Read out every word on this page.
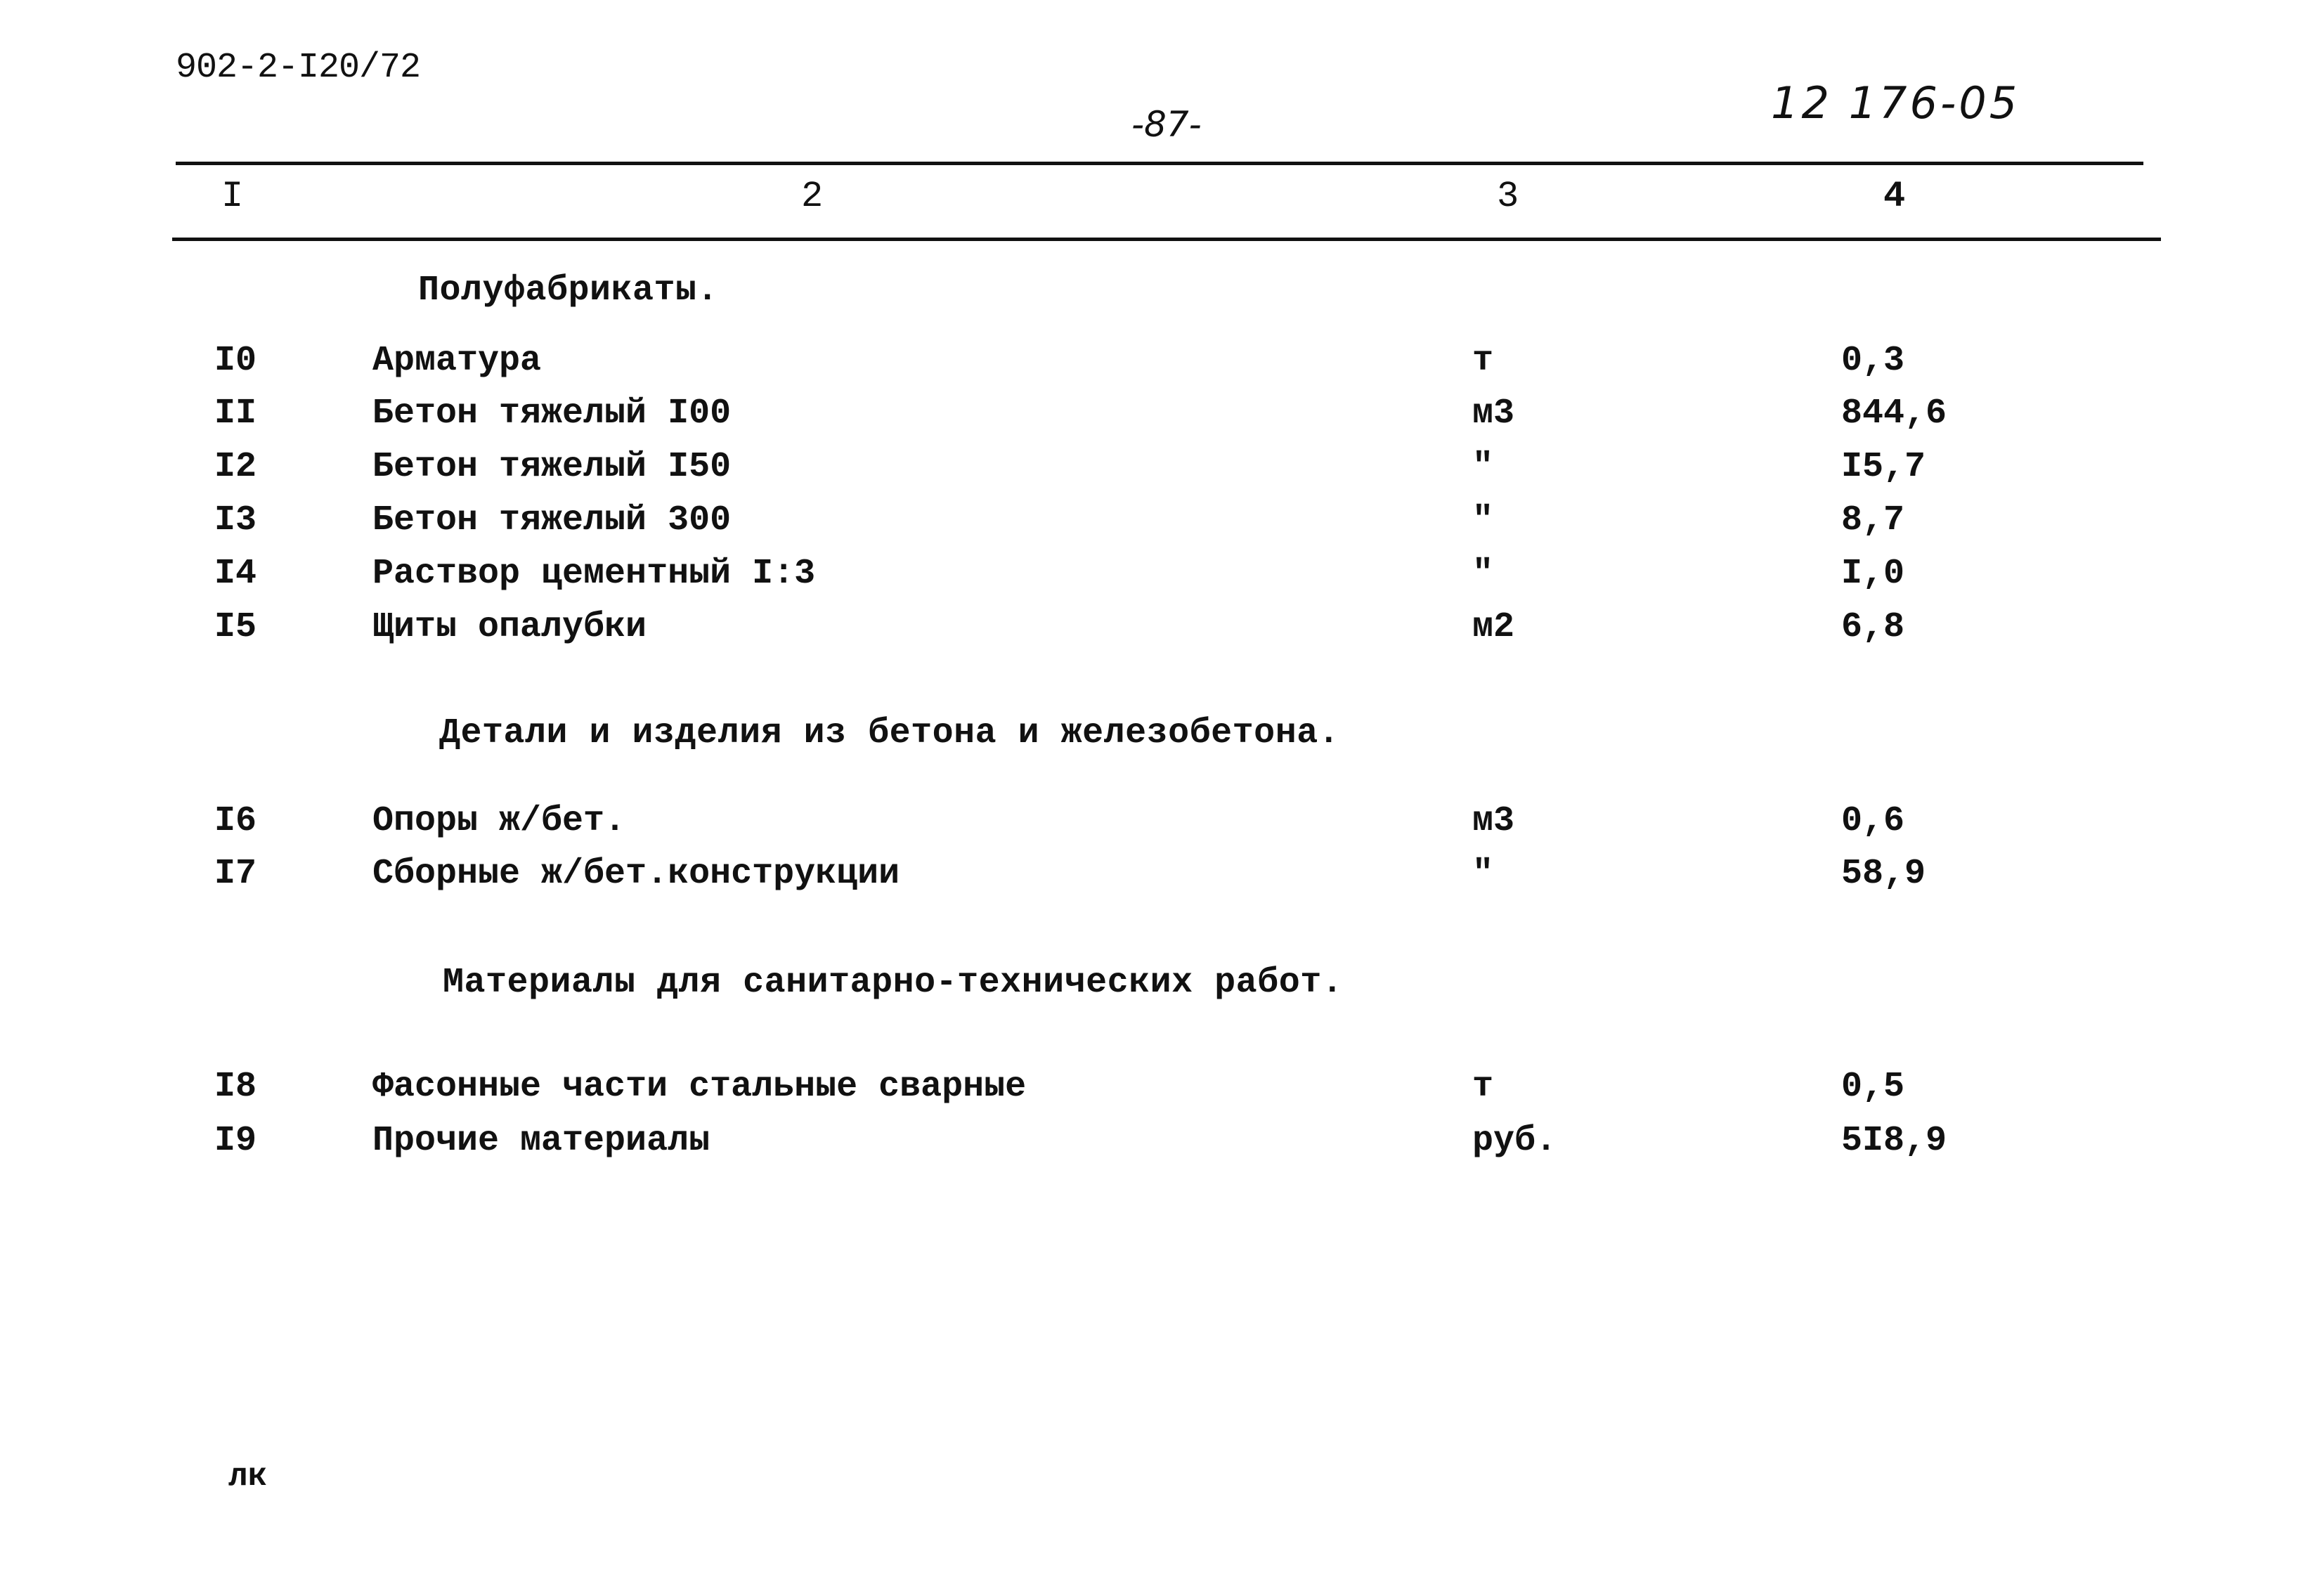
902-2-I20/72
-87-	12 176-05
I	2	3	4
Полуфабрикаты.
I0	Арматура	т	0,3
II	Бетон тяжелый I00	м3	844,6
I2	Бетон тяжелый I50	"	I5,7
I3	Бетон тяжелый 300	"	8,7
I4	Раствор цементный I:3	"	I,0
I5	Щиты опалубки	м2	6,8
Детали и изделия из бетона и железобетона.
I6	Опоры ж/бет.	м3	0,6
I7	Сборные ж/бет.конструкции	"	58,9
Материалы для санитарно-технических работ.
I8	Фасонные части стальные сварные	т	0,5
I9	Прочие материалы	руб.	5I8,9
лк
